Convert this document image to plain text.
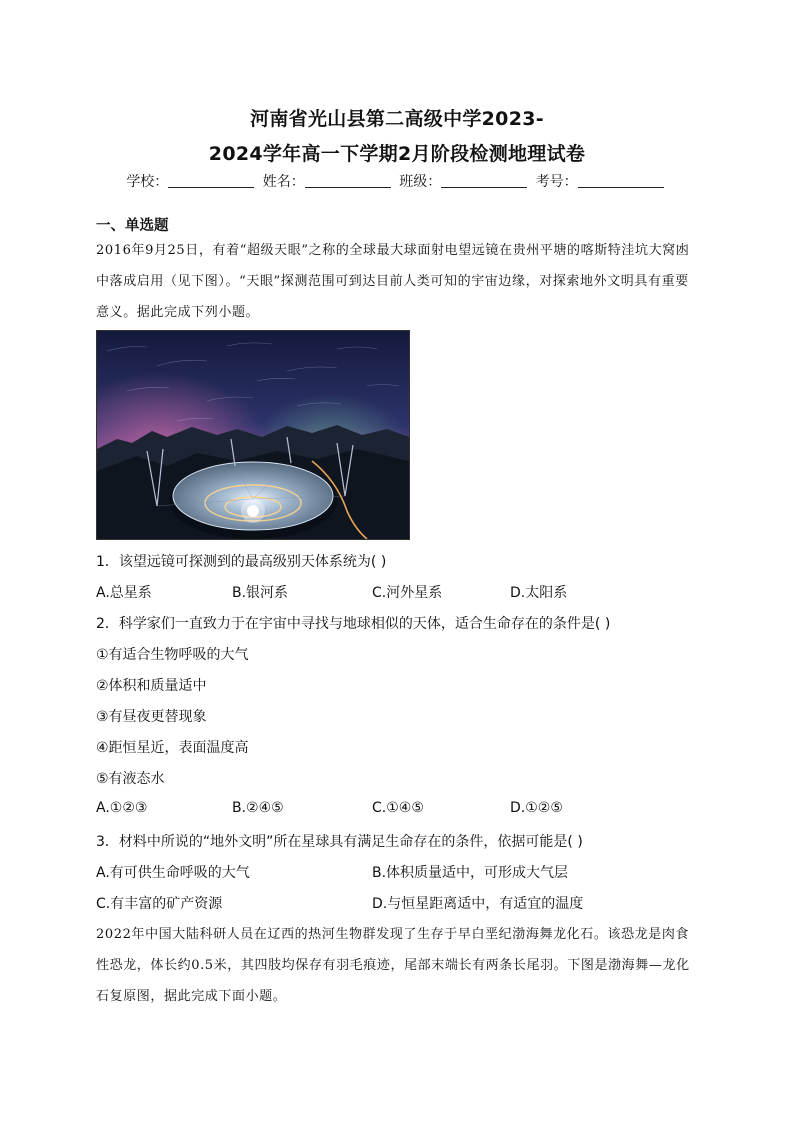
河南省光山县第二高级中学2023-
2024学年高一下学期2月阶段检测地理试卷
学校：	姓名：	班级：	考号：
一、单选题
2016年9月25日，有着“超级天眼”之称的全球最大球面射电望远镜在贵州平塘的喀斯特洼坑大窝凼中落成启用（见下图）。“天眼”探测范围可到达目前人类可知的宇宙边缘，对探索地外文明具有重要意义。据此完成下列小题。
1．该望远镜可探测到的最高级别天体系统为( )
A.总星系	B.银河系	C.河外星系	D.太阳系
2．科学家们一直致力于在宇宙中寻找与地球相似的天体，适合生命存在的条件是( )
①有适合生物呼吸的大气
②体积和质量适中
③有昼夜更替现象
④距恒星近，表面温度高
⑤有液态水
A.①②③	B.②④⑤	C.①④⑤	D.①②⑤
3．材料中所说的“地外文明”所在星球具有满足生命存在的条件，依据可能是( )
A.有可供生命呼吸的大气	B.体积质量适中，可形成大气层
C.有丰富的矿产资源	D.与恒星距离适中，有适宜的温度
2022年中国大陆科研人员在辽西的热河生物群发现了生存于早白垩纪渤海舞龙化石。该恐龙是肉食性恐龙，体长约0.5米，其四肢均保存有羽毛痕迹，尾部末端长有两条长尾羽。下图是渤海舞—龙化石复原图，据此完成下面小题。
